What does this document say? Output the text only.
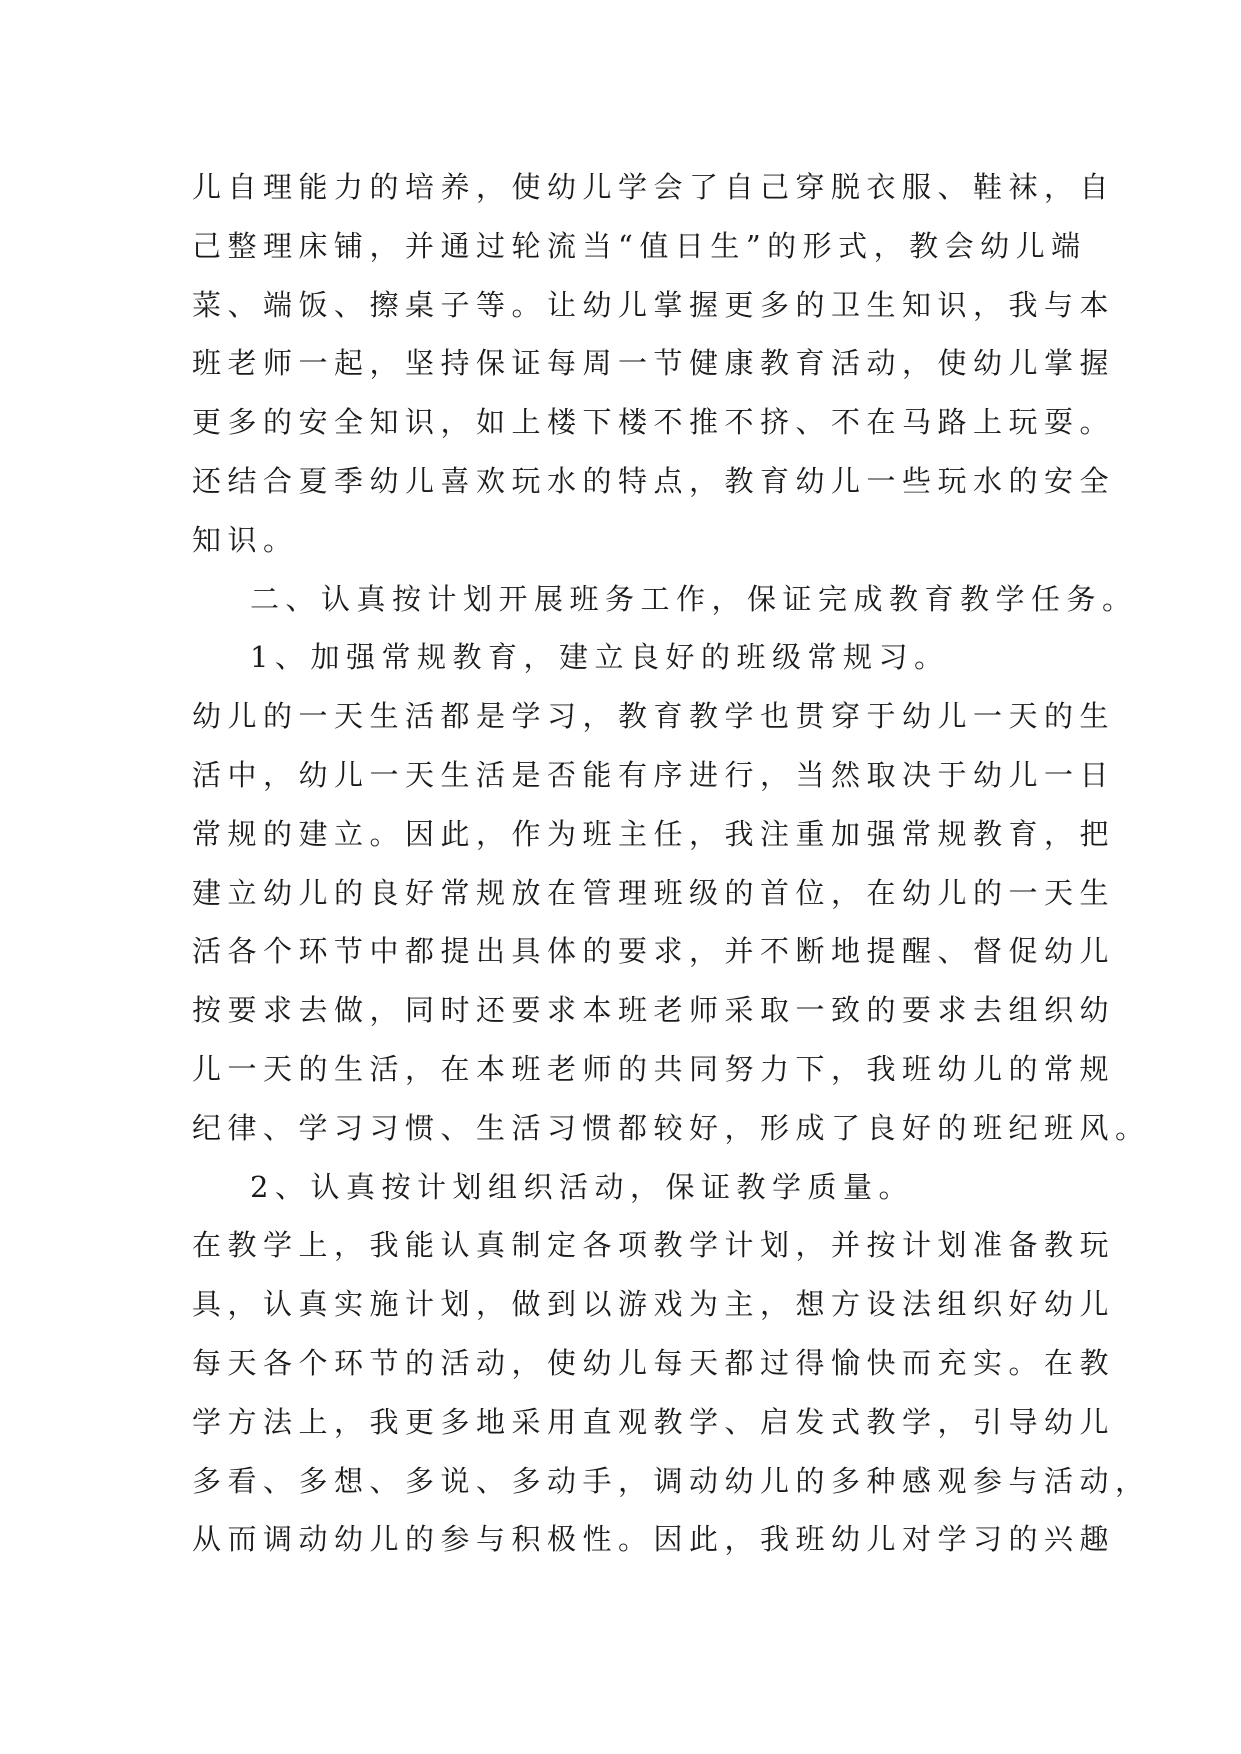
儿自理能力的培养，使幼儿学会了自己穿脱衣服、鞋袜，自
己整理床铺，并通过轮流当“值日生”的形式，教会幼儿端
菜、端饭、擦桌子等。让幼儿掌握更多的卫生知识，我与本
班老师一起，坚持保证每周一节健康教育活动，使幼儿掌握
更多的安全知识，如上楼下楼不推不挤、不在马路上玩耍。
还结合夏季幼儿喜欢玩水的特点，教育幼儿一些玩水的安全
知识。
二、认真按计划开展班务工作，保证完成教育教学任务。
1、加强常规教育，建立良好的班级常规习。
幼儿的一天生活都是学习，教育教学也贯穿于幼儿一天的生
活中，幼儿一天生活是否能有序进行，当然取决于幼儿一日
常规的建立。因此，作为班主任，我注重加强常规教育，把
建立幼儿的良好常规放在管理班级的首位，在幼儿的一天生
活各个环节中都提出具体的要求，并不断地提醒、督促幼儿
按要求去做，同时还要求本班老师采取一致的要求去组织幼
儿一天的生活，在本班老师的共同努力下，我班幼儿的常规
纪律、学习习惯、生活习惯都较好，形成了良好的班纪班风。
2、认真按计划组织活动，保证教学质量。
在教学上，我能认真制定各项教学计划，并按计划准备教玩
具，认真实施计划，做到以游戏为主，想方设法组织好幼儿
每天各个环节的活动，使幼儿每天都过得愉快而充实。在教
学方法上，我更多地采用直观教学、启发式教学，引导幼儿
多看、多想、多说、多动手，调动幼儿的多种感观参与活动，
从而调动幼儿的参与积极性。因此，我班幼儿对学习的兴趣
